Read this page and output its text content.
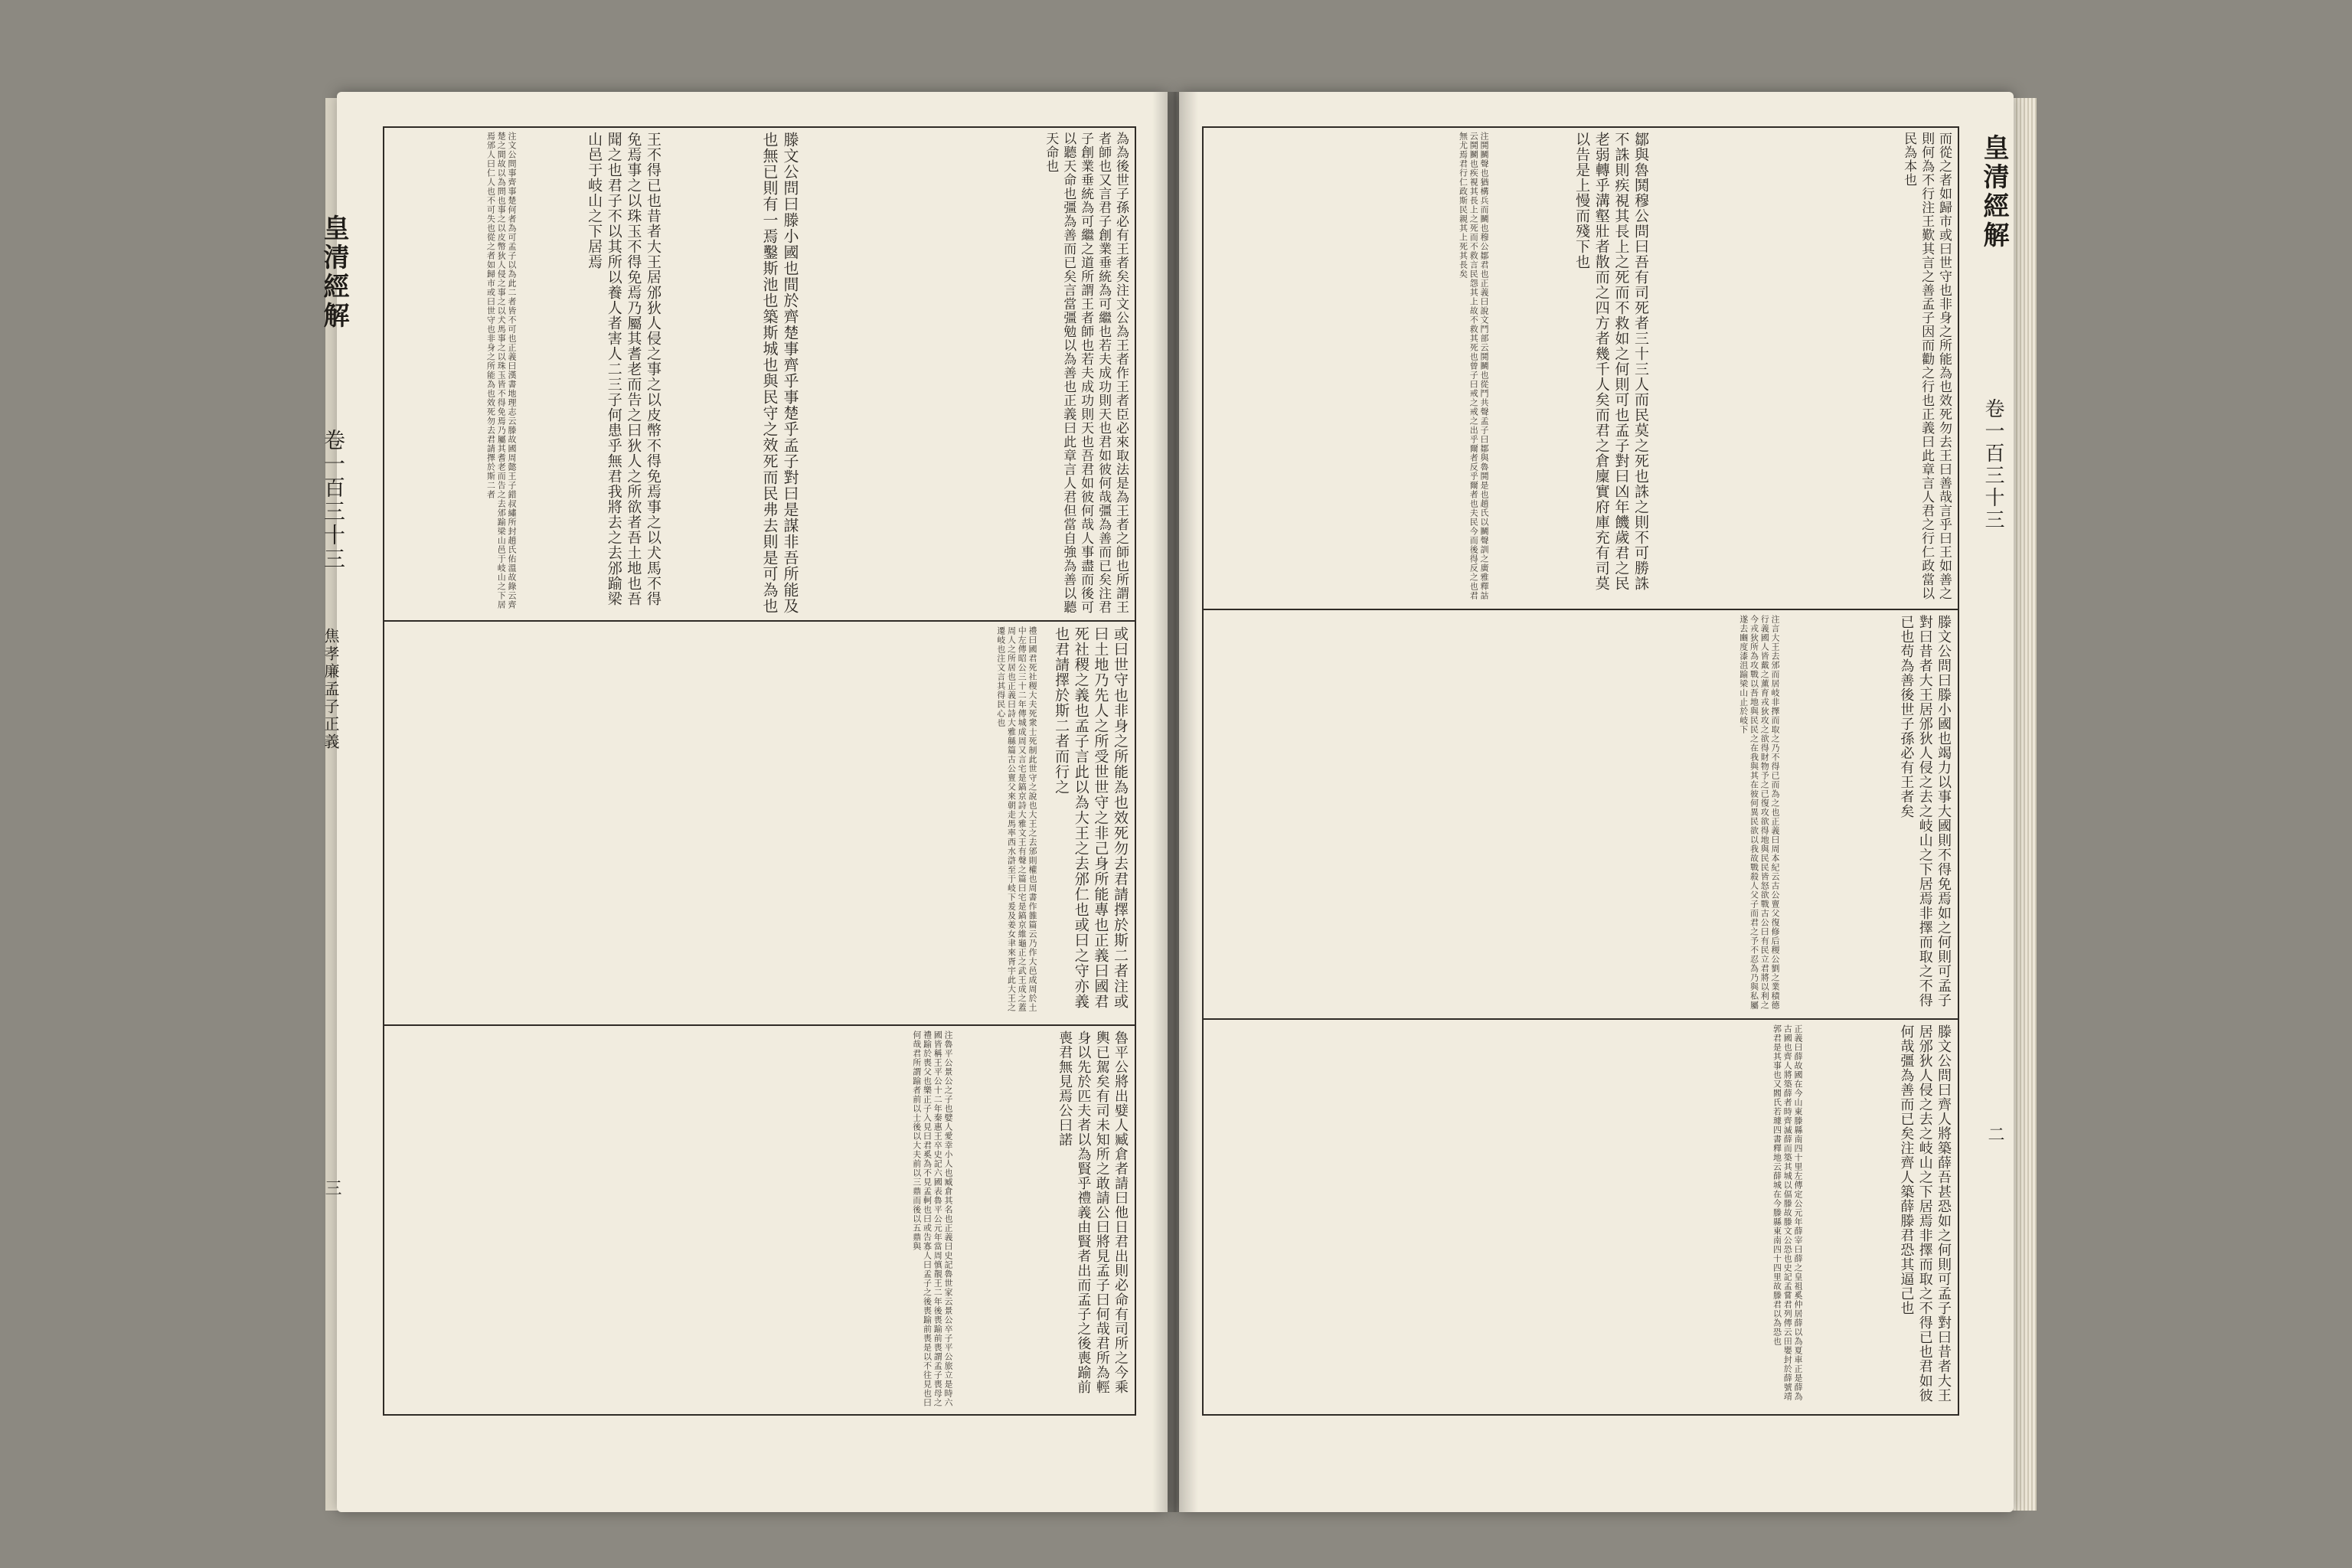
皇清經解
卷一百三十三
焦孝廉孟子正義
三
為為後世子孫必有王者矣注文公為王者作王者臣必來取法是為王者之師也所謂王者師也又言君子創業垂統為可繼也若夫成功則天也君如彼何哉彊為善而已矣注君子創業垂統為可繼之道所謂王者師也若夫成功則天也吾君如彼何哉人事盡而後可以聽天命也彊為善而已矣言當彊勉以為善也正義曰此章言人君但當自強為善以聽天命也
滕文公問曰滕小國也間於齊楚事齊乎事楚乎孟子對曰是謀非吾所能及也無已則有一焉鑿斯池也築斯城也與民守之效死而民弗去則是可為也
王不得已也昔者大王居邠狄人侵之事之以皮幣不得免焉事之以犬馬不得免焉事之以珠玉不得免焉乃屬其耆老而告之曰狄人之所欲者吾土地也吾聞之也君子不以其所以養人者害人二三子何患乎無君我將去之去邠踰梁山邑于岐山之下居焉
注文公問事齊事楚何者為可孟子以為此二者皆不可也正義曰漢書地理志云滕故國周懿王子錯叔繡所封趙氏佑溫故錄云齊楚之間故以為問也事之以皮幣狄人侵之事之以犬馬事之以珠玉皆不得免焉乃屬其耆老而告之去邠踰梁山邑于岐山之下居焉邠人曰仁人也不可失也從之者如歸市或曰世守也非身之所能為也效死勿去君請擇於斯二者
或曰世守也非身之所能為也效死勿去君請擇於斯二者注或曰土地乃先人之所受世世守之非己身所能專也正義曰國君死社稷之義也孟子言此以為大王之去邠仁也或曰之守亦義也君請擇於斯二者而行之
禮曰國君死社稷大夫死衆士死制此世守之說也大王之去邠則權也周書作雒篇云乃作大邑成周於土中左傳昭公三十二年傳城成周又言宅是鎬京詩大雅文王有聲之篇曰宅是鎬京維龜正之武王成之蓋周人之所居也正義曰詩大雅緜篇古公亶父來朝走馬率西水滸至于岐下爰及姜女聿來胥宇此大王之遷岐也注文言其得民心也
魯平公將出嬖人臧倉者請曰他日君出則必命有司所之今乘輿已駕矣有司未知所之敢請公曰將見孟子曰何哉君所為輕身以先於匹夫者以為賢乎禮義由賢者出而孟子之後喪踰前喪君無見焉公曰諾
注魯平公景公之子也嬖人愛幸小人也臧倉其名也正義曰史記魯世家云景公卒子平公旅立是時六國皆稱王平公十二年秦惠王卒史記六國表魯平公元年當周慎靚王二年後喪踰前喪謂孟子喪母之禮踰於喪父也樂正子入見曰君奚為不見孟軻也曰或告寡人曰孟子之後喪踰前喪是以不往見也曰何哉君所謂踰者前以士後以大夫前以三鼎而後以五鼎與
皇清經解
卷一百三十三
二
而從之者如歸市或曰世守也非身之所能為也效死勿去王曰善哉言乎曰王如善之則何為不行注王歎其言之善孟子因而勸之行也正義曰此章言人君之行仁政當以民為本也
鄒與魯鬨穆公問曰吾有司死者三十三人而民莫之死也誅之則不可勝誅不誅則疾視其長上之死而不救如之何則可也孟子對曰凶年饑歲君之民老弱轉乎溝壑壯者散而之四方者幾千人矣而君之倉廩實府庫充有司莫以告是上慢而殘下也
注鬨鬭聲也猶構兵而鬭也穆公鄒君也正義曰說文鬥部云鬨鬭也從鬥共聲孟子曰鄒與魯鬨是也趙氏以鬭聲訓之廣雅釋詁云鬨鬭也疾視其長上之死而不救言民怨其上故不救其死也曾子曰戒之戒之出乎爾者反乎爾者也夫民今而後得反之也君無尤焉君行仁政斯民親其上死其長矣
滕文公問曰滕小國也竭力以事大國則不得免焉如之何則可孟子對曰昔者大王居邠狄人侵之去之岐山之下居焉非擇而取之不得已也苟為善後世子孫必有王者矣
注言大王去邠而居岐非擇而取之乃不得已而為之也正義曰周本紀云古公亶父復修后稷公劉之業積德行義國人皆戴之薰育戎狄攻之欲得財物予之已復攻欲得地與民民皆怒欲戰古公曰有民立君將以利之今戎狄所為攻戰以吾地與民民之在我與其在彼何異民欲以我故戰殺人父子而君之予不忍為乃與私屬遂去豳度漆沮踰梁山止於岐下
滕文公問曰齊人將築薛吾甚恐如之何則可孟子對曰昔者大王居邠狄人侵之去之岐山之下居焉非擇而取之不得已也君如彼何哉彊為善而已矣注齊人築薛滕君恐其逼己也
正義曰薛故國在今山東滕縣南四十里左傳定公元年薛宰曰薛之皇祖奚仲居薛以為夏車正是薛為古國也齊人將築薛者時齊滅薛而築其城以偪滕故滕文公恐也史記孟嘗君列傳云田嬰封於薛號靖郭君是其事也又閻氏若璩四書釋地云薛城在今滕縣東南四十四里故滕君以為恐也
